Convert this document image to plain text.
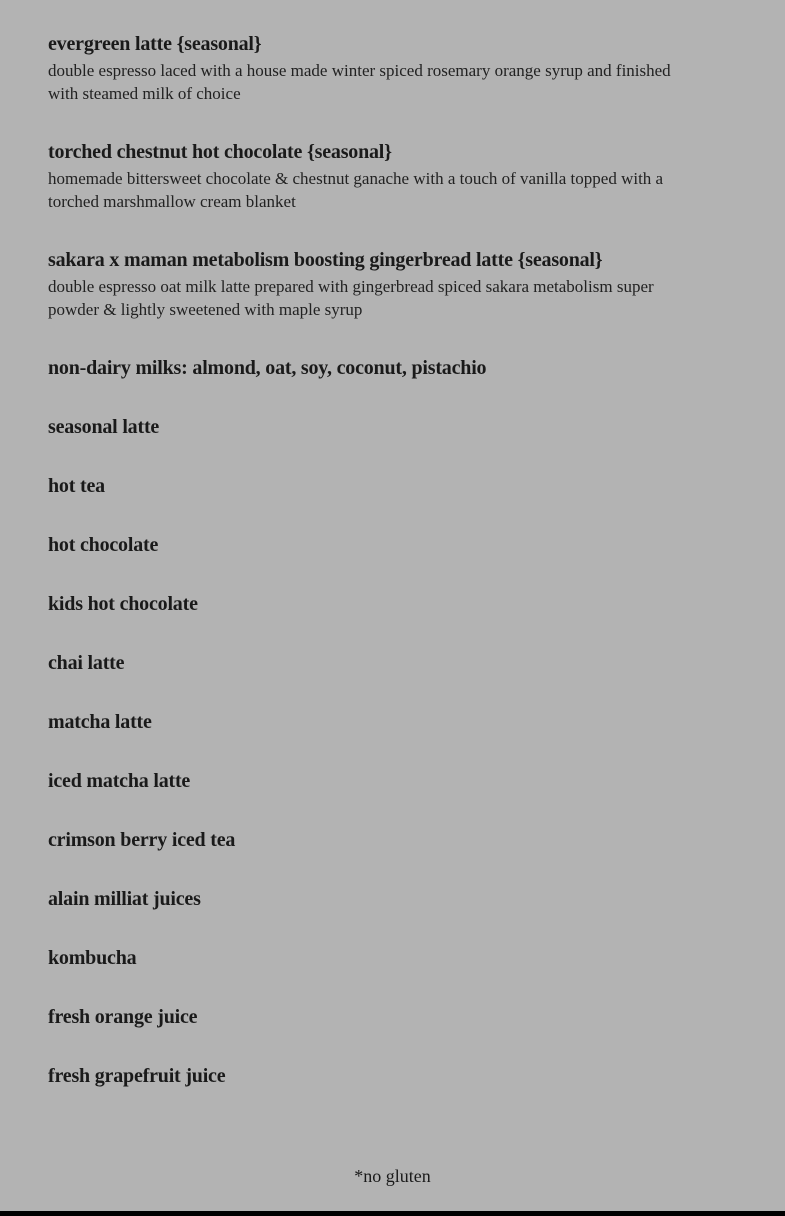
evergreen latte {seasonal}
double espresso laced with a house made winter spiced rosemary orange syrup and finished with steamed milk of choice
torched chestnut hot chocolate {seasonal}
homemade bittersweet chocolate & chestnut ganache with a touch of vanilla topped with a torched marshmallow cream blanket
sakara x maman metabolism boosting gingerbread latte {seasonal}
double espresso oat milk latte prepared with gingerbread spiced sakara metabolism super powder & lightly sweetened with maple syrup
non-dairy milks: almond, oat, soy, coconut, pistachio
seasonal latte
hot tea
hot chocolate
kids hot chocolate
chai latte
matcha latte
iced matcha latte
crimson berry iced tea
alain milliat juices
kombucha
fresh orange juice
fresh grapefruit juice
*no gluten
